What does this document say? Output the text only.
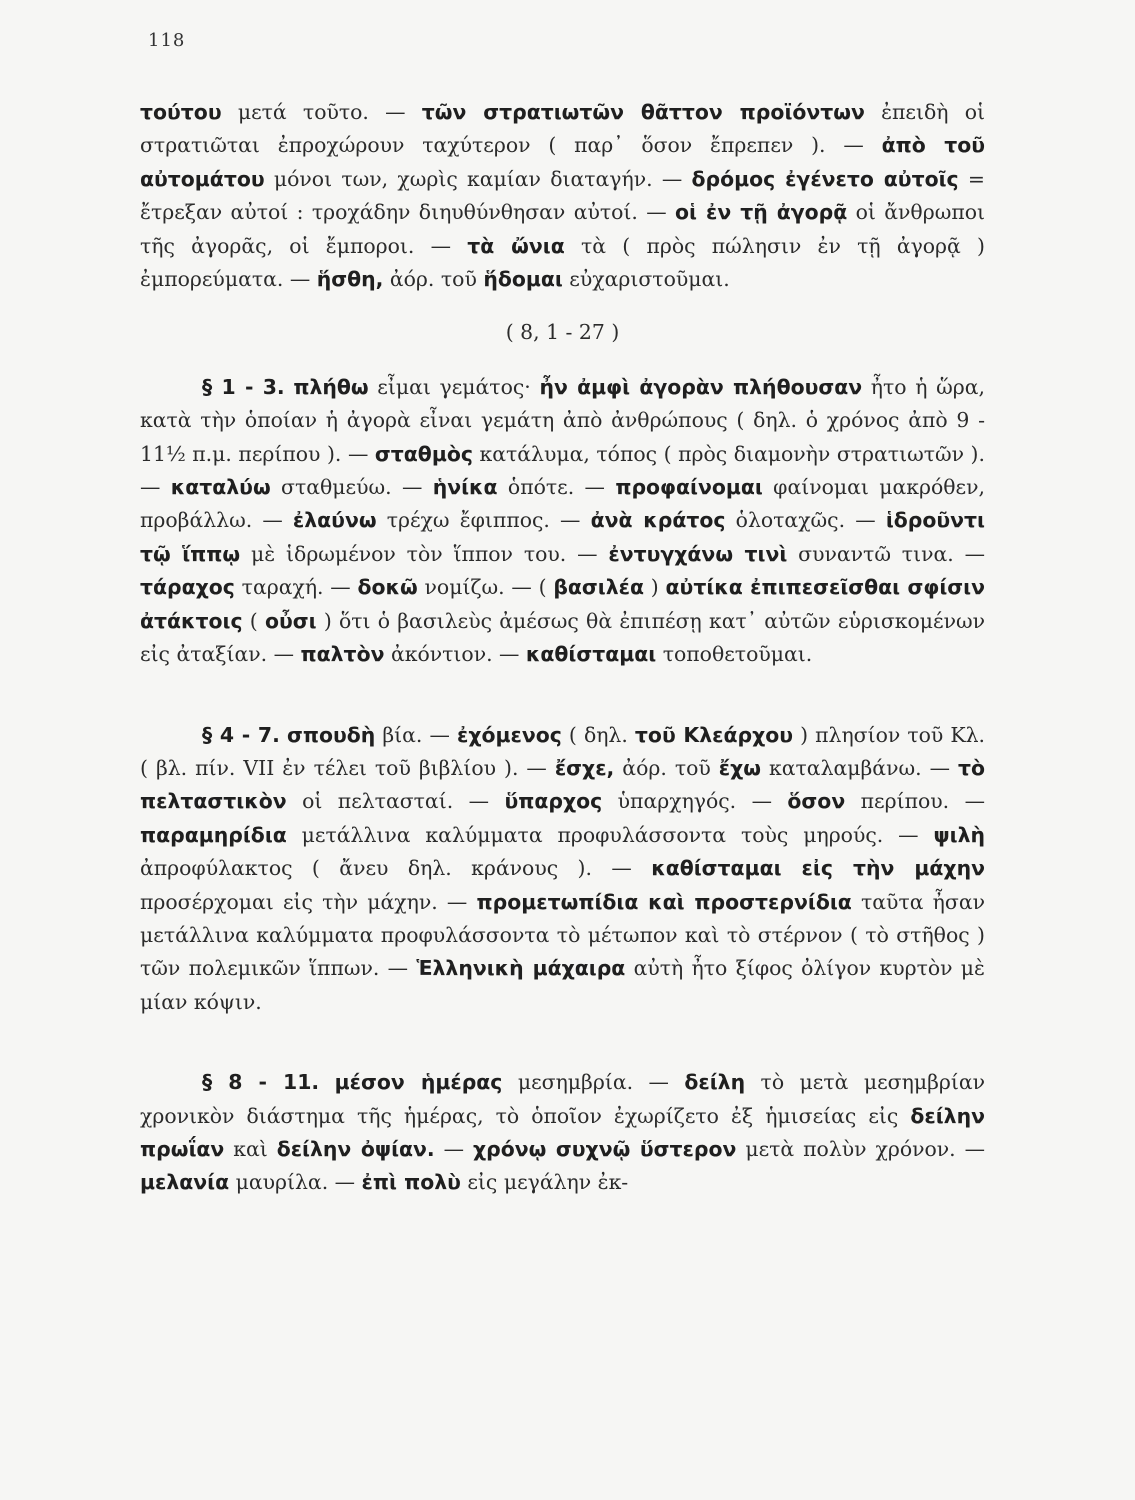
118

τούτου μετά τοῦτο. — τῶν στρατιωτῶν θᾶττον προϊόντων ἐπειδὴ οἱ στρατιῶται ἐπροχώρουν ταχύτερον ( παρ᾽ ὅσον ἔπρεπεν ). — ἀπὸ τοῦ αὐτομάτου μόνοι των, χωρὶς καμίαν διαταγήν. — δρόμος ἐγένετο αὐτοῖς = ἔτρεξαν αὐτοί : τροχάδην διηυθύνθησαν αὐτοί. — οἱ ἐν τῇ ἀγορᾷ οἱ ἄνθρωποι τῆς ἀγορᾶς, οἱ ἔμποροι. — τὰ ὤνια τὰ ( πρὸς πώλησιν ἐν τῇ ἀγορᾷ ) ἐμπορεύματα. — ἥσθη, ἀόρ. τοῦ ἥδομαι εὐχαριστοῦμαι.

( 8, 1 - 27 )

§ 1 - 3. πλήθω εἶμαι γεμάτος· ἦν ἀμφὶ ἀγορὰν πλήθουσαν ἦτο ἡ ὥρα, κατὰ τὴν ὁποίαν ἡ ἀγορὰ εἶναι γεμάτη ἀπὸ ἀνθρώπους ( δηλ. ὁ χρόνος ἀπὸ 9 - 11½ π.μ. περίπου ). — σταθμὸς κατάλυμα, τόπος ( πρὸς διαμονὴν στρατιωτῶν ). — καταλύω σταθμεύω. — ἡνίκα ὁπότε. — προφαίνομαι φαίνομαι μακρόθεν, προβάλλω. — ἐλαύνω τρέχω ἔφιππος. — ἀνὰ κράτος ὁλοταχῶς. — ἱδροῦντι τῷ ἵππῳ μὲ ἱδρωμένον τὸν ἵππον του. — ἐντυγχάνω τινὶ συναντῶ τινα. — τάραχος ταραχή. — δοκῶ νομίζω. — ( βασιλέα ) αὐτίκα ἐπιπεσεῖσθαι σφίσιν ἀτάκτοις ( οὖσι ) ὅτι ὁ βασιλεὺς ἀμέσως θὰ ἐπιπέσῃ κατ᾽ αὐτῶν εὑρισκομένων εἰς ἀταξίαν. — παλτὸν ἀκόντιον. — καθίσταμαι τοποθετοῦμαι.

§ 4 - 7. σπουδὴ βία. — ἐχόμενος ( δηλ. τοῦ Κλεάρχου ) πλησίον τοῦ Κλ. ( βλ. πίν. VII ἐν τέλει τοῦ βιβλίου ). — ἔσχε, ἀόρ. τοῦ ἔχω καταλαμβάνω. — τὸ πελταστικὸν οἱ πελτασταί. — ὕπαρχος ὑπαρχηγός. — ὅσον περίπου. — παραμηρίδια μετάλλινα καλύμματα προφυλάσσοντα τοὺς μηρούς. — ψιλὴ ἀπροφύλακτος ( ἄνευ δηλ. κράνους ). — καθίσταμαι εἰς τὴν μάχην προσέρχομαι εἰς τὴν μάχην. — προμετωπίδια καὶ προστερνίδια ταῦτα ἦσαν μετάλλινα καλύμματα προφυλάσσοντα τὸ μέτωπον καὶ τὸ στέρνον ( τὸ στῆθος ) τῶν πολεμικῶν ἵππων. — Ἑλληνικὴ μάχαιρα αὐτὴ ἦτο ξίφος ὀλίγον κυρτὸν μὲ μίαν κόψιν.

§ 8 - 11. μέσον ἡμέρας μεσημβρία. — δείλη τὸ μετὰ μεσημβρίαν χρονικὸν διάστημα τῆς ἡμέρας, τὸ ὁποῖον ἐχωρίζετο ἐξ ἡμισείας εἰς δείλην πρωΐαν καὶ δείλην ὀψίαν. — χρόνῳ συχνῷ ὕστερον μετὰ πολὺν χρόνον. — μελανία μαυρίλα. — ἐπὶ πολὺ εἰς μεγάλην ἐκ-
